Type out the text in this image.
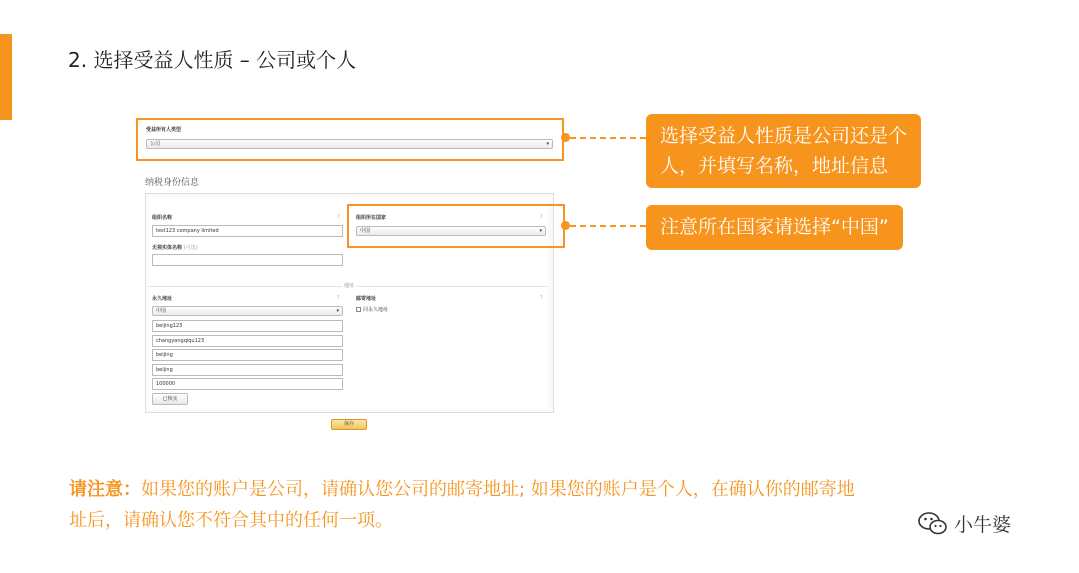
2. 选择受益人性质 – 公司或个人
受益所有人类型
公司	▾
纳税身份信息
组织名称	?
test123 company limited
无视实体名称 (可选)
组织所在国家	?
中国	▾
地址
永久地址	?
中国	▾
beijing123
changyangqiqu123
beijing
beijing
100000
已核实
邮寄地址	?
同永久地址
保存
选择受益人性质是公司还是个
人，并填写名称，地址信息
注意所在国家请选择“中国”
请注意：如果您的账户是公司，请确认您公司的邮寄地址; 如果您的账户是个人，在确认你的邮寄地
址后，请确认您不符合其中的任何一项。	小牛婆
